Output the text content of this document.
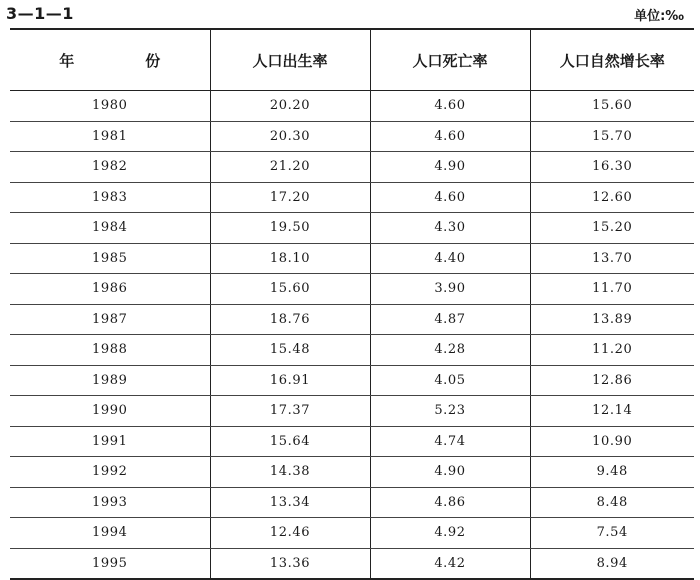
3—1—1	单位:‰
年　份	人口出生率	人口死亡率	人口自然增长率
1980	20.20	4.60	15.60
1981	20.30	4.60	15.70
1982	21.20	4.90	16.30
1983	17.20	4.60	12.60
1984	19.50	4.30	15.20
1985	18.10	4.40	13.70
1986	15.60	3.90	11.70
1987	18.76	4.87	13.89
1988	15.48	4.28	11.20
1989	16.91	4.05	12.86
1990	17.37	5.23	12.14
1991	15.64	4.74	10.90
1992	14.38	4.90	9.48
1993	13.34	4.86	8.48
1994	12.46	4.92	7.54
1995	13.36	4.42	8.94
